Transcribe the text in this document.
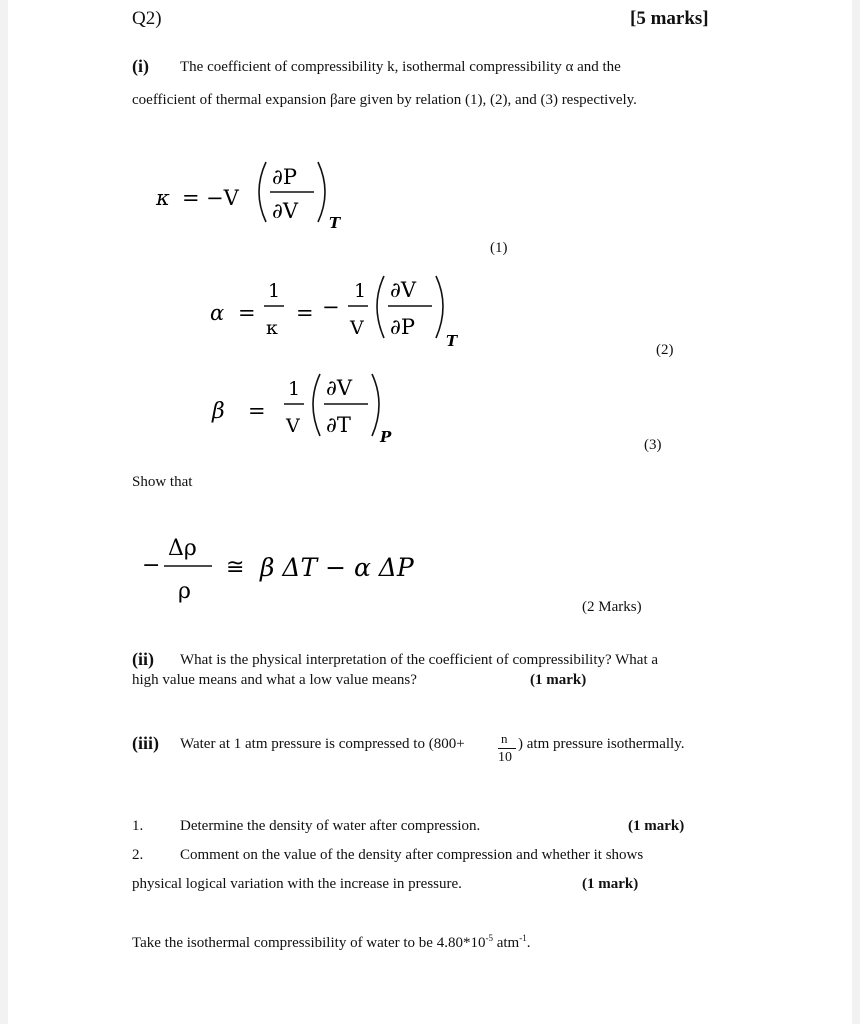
Q2)	[5 marks]
(i) The coefficient of compressibility k, isothermal compressibility α and the
coefficient of thermal expansion βare given by relation (1), (2), and (3) respectively.
κ = −V
∂P
∂V T
(1)
α =
1
κ
= −
1
V
∂V
∂P
T	(2)
β =
1
V
∂V
∂T P	(3)
Show that
−
Δρ
ρ
≅ β ΔT − α ΔP
(2 Marks)
(ii) What is the physical interpretation of the coefficient of compressibility? What a
high value means and what a low value means?	(1 mark)
(iii) Water at 1 atm pressure is compressed to (800+	n
10
) atm pressure isothermally.
1. Determine the density of water after compression.	(1 mark)
2. Comment on the value of the density after compression and whether it shows
physical logical variation with the increase in pressure.	(1 mark)
Take the isothermal compressibility of water to be $4.80*10^{-5}$ atm$^{-1}$.
